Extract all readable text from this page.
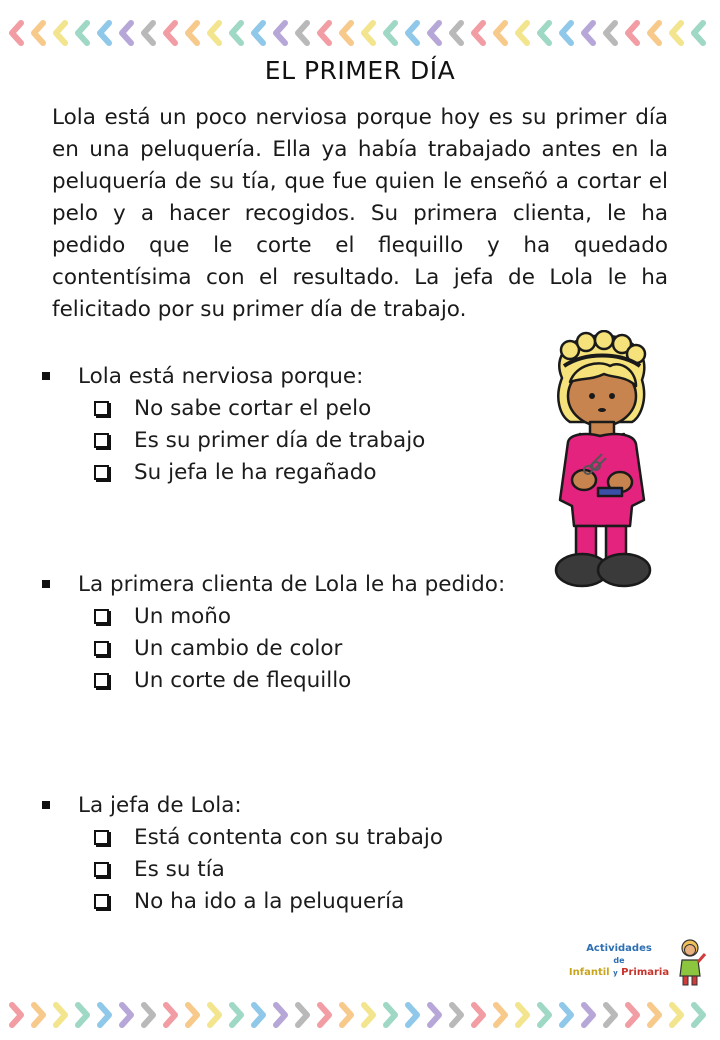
EL PRIMER DÍA
Lola está un poco nerviosa porque hoy es su primer día en una peluquería. Ella ya había trabajado antes en la peluquería de su tía, que fue quien le enseñó a cortar el pelo y a hacer recogidos. Su primera clienta, le ha pedido que le corte el flequillo y ha quedado contentísima con el resultado. La jefa de Lola le ha felicitado por su primer día de trabajo.
Lola está nerviosa porque:
No sabe cortar el pelo
Es su primer día de trabajo
Su jefa le ha regañado
La primera clienta de Lola le ha pedido:
Un moño
Un cambio de color
Un corte de flequillo
La jefa de Lola:
Está contenta con su trabajo
Es su tía
No ha ido a la peluquería
Actividades
de
Infantil y Primaria
